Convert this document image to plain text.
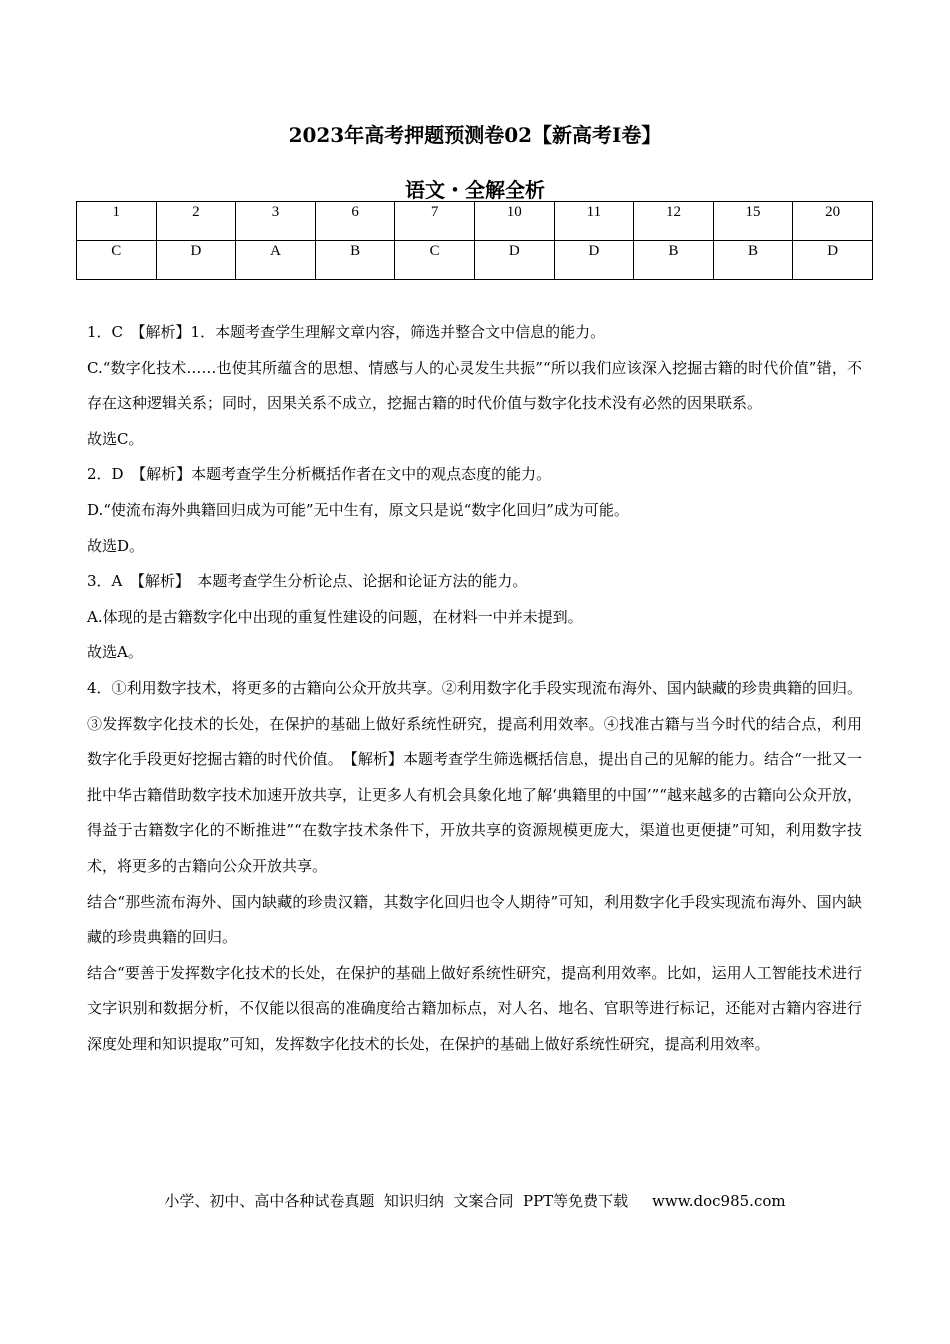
2023年高考押题预测卷02【新高考I卷】
语文・全解全析
1	2	3	6	7	10	11	12	15	20
C	D	A	B	C	D	D	B	B	D

1．C　【解析】1．本题考查学生理解文章内容，筛选并整合文中信息的能力。

C.“数字化技术……也使其所蕴含的思想、情感与人的心灵发生共振”“所以我们应该深入挖掘古籍的时代价值”错，不存在这种逻辑关系；同时，因果关系不成立，挖掘古籍的时代价值与数字化技术没有必然的因果联系。

故选C。

2．D　【解析】本题考查学生分析概括作者在文中的观点态度的能力。

D.“使流布海外典籍回归成为可能”无中生有，原文只是说“数字化回归”成为可能。

故选D。

3．A　【解析】　本题考查学生分析论点、论据和论证方法的能力。

A.体现的是古籍数字化中出现的重复性建设的问题，在材料一中并未提到。

故选A。

4．①利用数字技术，将更多的古籍向公众开放共享。②利用数字化手段实现流布海外、国内缺藏的珍贵典籍的回归。③发挥数字化技术的长处，在保护的基础上做好系统性研究，提高利用效率。④找准古籍与当今时代的结合点，利用数字化手段更好挖掘古籍的时代价值。　【解析】本题考查学生筛选概括信息，提出自己的见解的能力。结合“一批又一批中华古籍借助数字技术加速开放共享，让更多人有机会具象化地了解‘典籍里的中国’”“越来越多的古籍向公众开放，得益于古籍数字化的不断推进”“在数字技术条件下，开放共享的资源规模更庞大，渠道也更便捷”可知，利用数字技术，将更多的古籍向公众开放共享。

结合“那些流布海外、国内缺藏的珍贵汉籍，其数字化回归也令人期待”可知，利用数字化手段实现流布海外、国内缺藏的珍贵典籍的回归。

结合“要善于发挥数字化技术的长处，在保护的基础上做好系统性研究，提高利用效率。比如，运用人工智能技术进行文字识别和数据分析，不仅能以很高的准确度给古籍加标点，对人名、地名、官职等进行标记，还能对古籍内容进行深度处理和知识提取”可知，发挥数字化技术的长处，在保护的基础上做好系统性研究，提高利用效率。

小学、初中、高中各种试卷真题  知识归纳  文案合同  PPT等免费下载     www.doc985.com
